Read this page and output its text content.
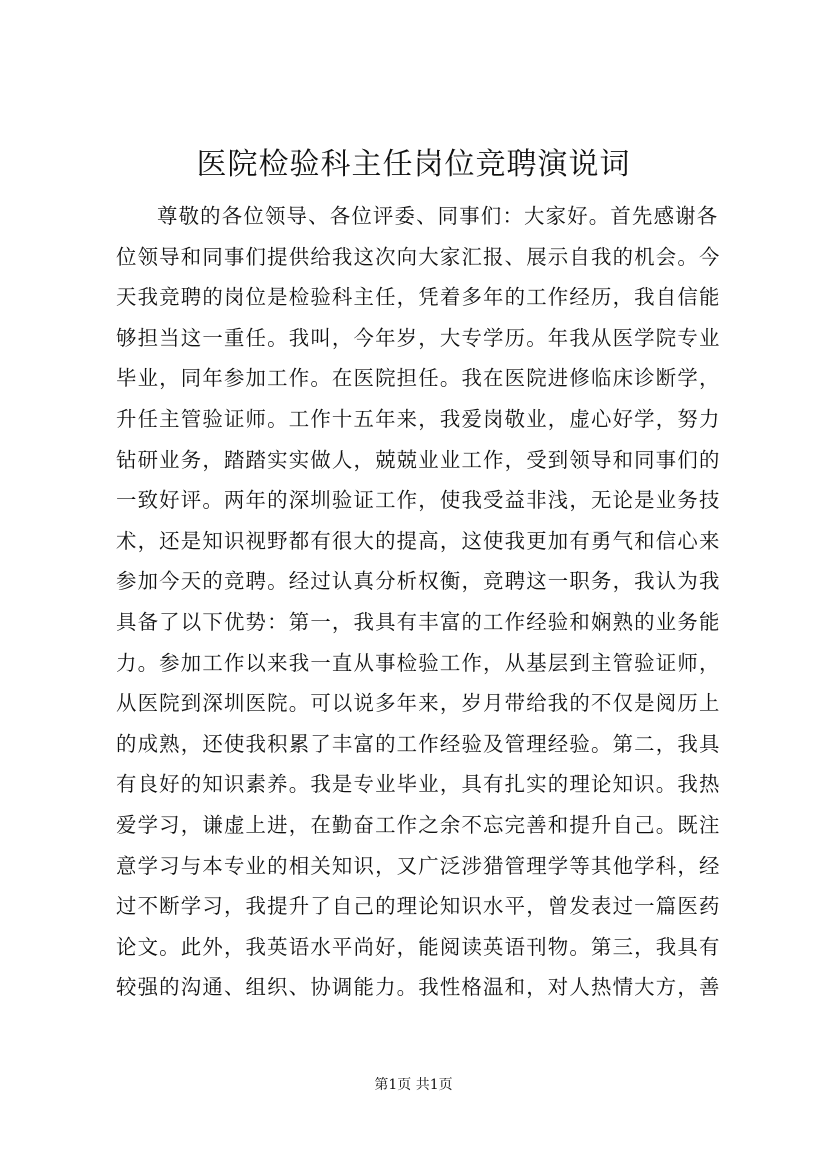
医院检验科主任岗位竞聘演说词
尊敬的各位领导、各位评委、同事们：大家好。首先感谢各
位领导和同事们提供给我这次向大家汇报、展示自我的机会。今
天我竞聘的岗位是检验科主任，凭着多年的工作经历，我自信能
够担当这一重任。我叫，今年岁，大专学历。年我从医学院专业
毕业，同年参加工作。在医院担任。我在医院进修临床诊断学，
升任主管验证师。工作十五年来，我爱岗敬业，虚心好学，努力
钻研业务，踏踏实实做人，兢兢业业工作，受到领导和同事们的
一致好评。两年的深圳验证工作，使我受益非浅，无论是业务技
术，还是知识视野都有很大的提高，这使我更加有勇气和信心来
参加今天的竞聘。经过认真分析权衡，竞聘这一职务，我认为我
具备了以下优势：第一，我具有丰富的工作经验和娴熟的业务能
力。参加工作以来我一直从事检验工作，从基层到主管验证师，
从医院到深圳医院。可以说多年来，岁月带给我的不仅是阅历上
的成熟，还使我积累了丰富的工作经验及管理经验。第二，我具
有良好的知识素养。我是专业毕业，具有扎实的理论知识。我热
爱学习，谦虚上进，在勤奋工作之余不忘完善和提升自己。既注
意学习与本专业的相关知识，又广泛涉猎管理学等其他学科，经
过不断学习，我提升了自己的理论知识水平，曾发表过一篇医药
论文。此外，我英语水平尚好，能阅读英语刊物。第三，我具有
较强的沟通、组织、协调能力。我性格温和，对人热情大方，善
第1页 共1页
